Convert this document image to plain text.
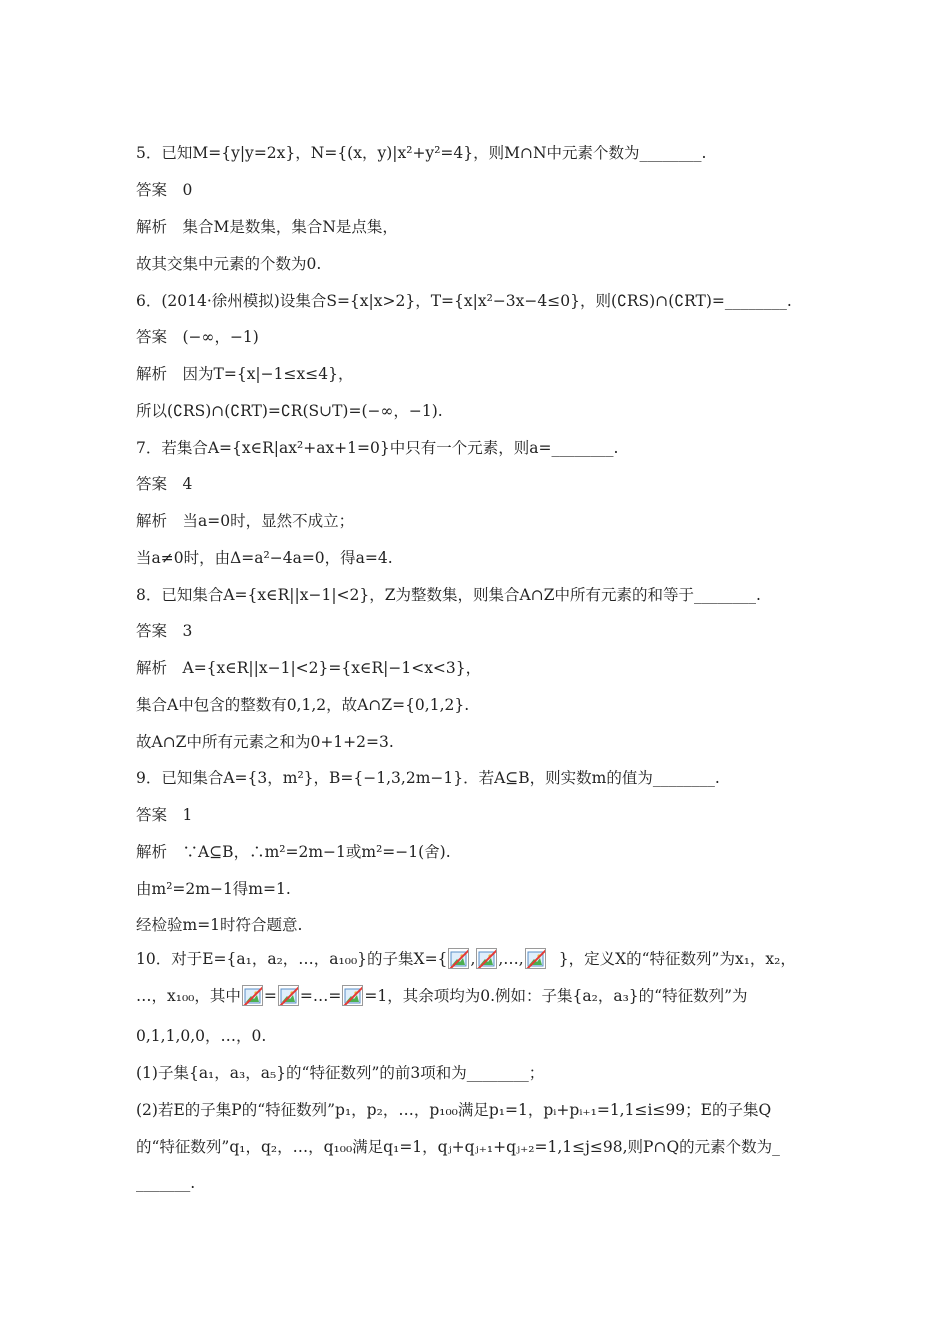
5．已知M={y|y=2x}，N={(x，y)|x²+y²=4}，则M∩N中元素个数为________.
答案　0
解析　集合M是数集，集合N是点集，
故其交集中元素的个数为0.
6．(2014·徐州模拟)设集合S={x|x>2}，T={x|x²−3x−4≤0}，则(∁RS)∩(∁RT)=________.
答案　(−∞，−1)
解析　因为T={x|−1≤x≤4}，
所以(∁RS)∩(∁RT)=∁R(S∪T)=(−∞，−1).
7．若集合A={x∈R|ax²+ax+1=0}中只有一个元素，则a=________.
答案　4
解析　当a=0时，显然不成立；
当a≠0时，由Δ=a²−4a=0，得a=4.
8．已知集合A={x∈R||x−1|<2}，Z为整数集，则集合A∩Z中所有元素的和等于________.
答案　3
解析　A={x∈R||x−1|<2}={x∈R|−1<x<3}，
集合A中包含的整数有0,1,2，故A∩Z={0,1,2}.
故A∩Z中所有元素之和为0+1+2=3.
9．已知集合A={3，m²}，B={−1,3,2m−1}．若A⊆B，则实数m的值为________.
答案　1
解析　∵A⊆B，∴m²=2m−1或m²=−1(舍).
由m²=2m−1得m=1.
经检验m=1时符合题意.
10．对于E={a₁，a₂，…，a₁₀₀}的子集X={ , ,…, }，定义X的“特征数列”为x₁，x₂，
…，x₁₀₀，其中 = =…= =1，其余项均为0.例如：子集{a₂，a₃}的“特征数列”为
0,1,1,0,0，…，0.
(1)子集{a₁，a₃，a₅}的“特征数列”的前3项和为________；
(2)若E的子集P的“特征数列”p₁，p₂，…，p₁₀₀满足p₁=1，pᵢ+pᵢ₊₁=1,1≤i≤99；E的子集Q
的“特征数列”q₁，q₂，…，q₁₀₀满足q₁=1，qⱼ+qⱼ₊₁+qⱼ₊₂=1,1≤j≤98,则P∩Q的元素个数为_
_______.
